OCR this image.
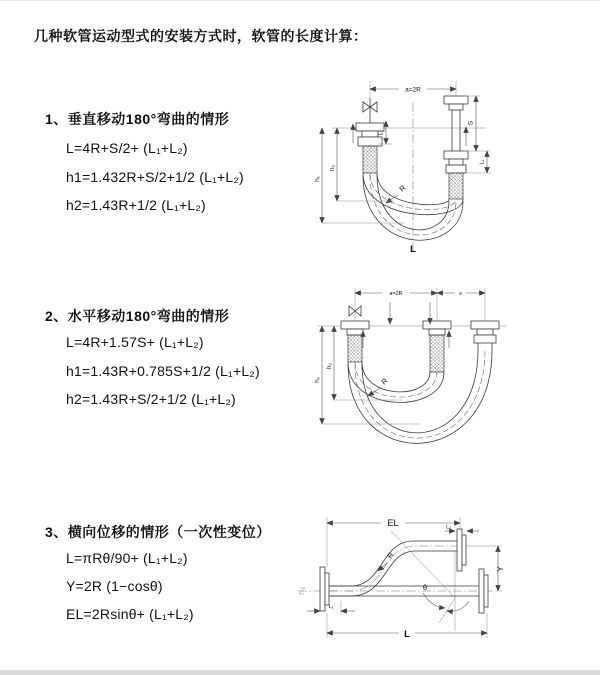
几种软管运动型式的安装方式时，软管的长度计算：
1、垂直移动180°弯曲的情形
L=4R+S/2+ (L₁+L₂)
h1=1.432R+S/2+1/2 (L₁+L₂)
h2=1.43R+1/2 (L₁+L₂)
a=2R
R
h₁
h₂
L₁
S
L₁
L
2、水平移动180°弯曲的情形
L=4R+1.57S+ (L₁+L₂)
h1=1.43R+0.785S+1/2 (L₁+L₂)
h2=1.43R+S/2+1/2 (L₁+L₂)
a=2R	s
R
h₁
h₂
3、横向位移的情形（一次性变位）
L=πRθ/90+ (L₁+L₂)
Y=2R (1−cosθ)
EL=2Rsinθ+ (L₁+L₂)
EL	L₁
θ
R
Y
L₁
L
